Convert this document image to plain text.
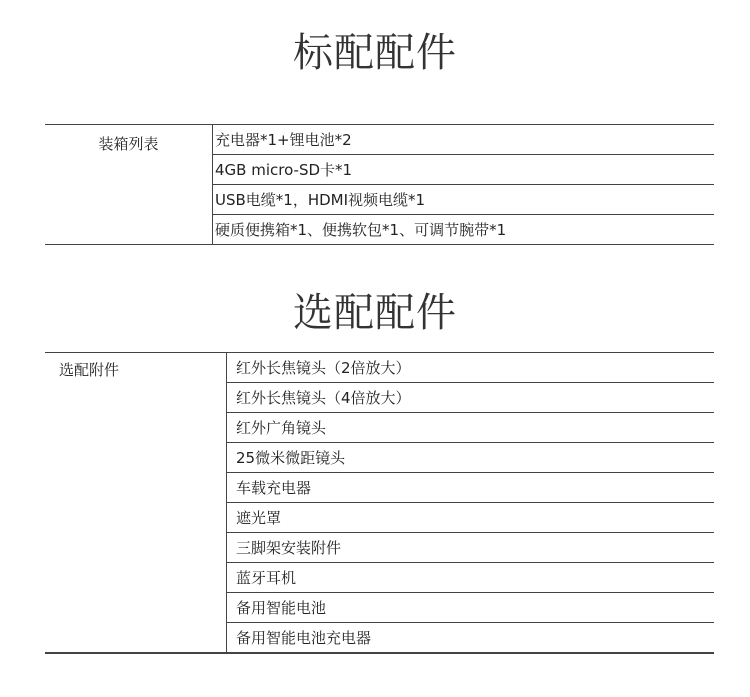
标配配件
装箱列表	充电器*1+锂电池*2
4GB micro-SD卡*1
USB电缆*1，HDMI视频电缆*1
硬质便携箱*1、便携软包*1、可调节腕带*1
选配配件
选配附件	红外长焦镜头（2倍放大）
红外长焦镜头（4倍放大）
红外广角镜头
25微米微距镜头
车载充电器
遮光罩
三脚架安装附件
蓝牙耳机
备用智能电池
备用智能电池充电器
